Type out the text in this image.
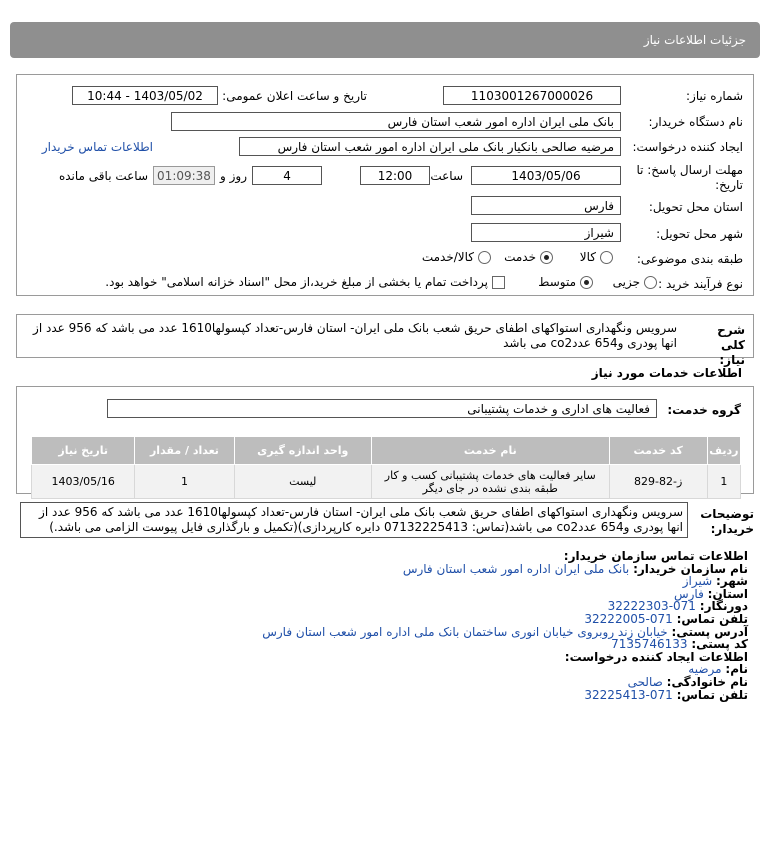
جزئیات اطلاعات نیاز
شماره نیاز:
1103001267000026
تاریخ و ساعت اعلان عمومی:
1403/05/02 - 10:44
نام دستگاه خریدار:
بانک ملی ایران اداره امور شعب استان فارس
ایجاد کننده درخواست:
مرضیه صالحی بانکیار بانک ملی ایران اداره امور شعب استان فارس
اطلاعات تماس خریدار
مهلت ارسال پاسخ: تا
تاریخ:
1403/05/06
ساعت
12:00
4
روز و
01:09:38
ساعت باقی مانده
استان محل تحویل:
فارس
شهر محل تحویل:
شیراز
طبقه بندی موضوعی:
کالا
خدمت
کالا/خدمت
نوع فرآیند خرید :
جزیی
متوسط
پرداخت تمام یا بخشی از مبلغ خرید،از محل "اسناد خزانه اسلامی" خواهد بود.
شرح کلی نیاز:
سرویس ونگهداری استواکهای اطفای حریق شعب بانک ملی ایران- استان فارس-تعداد کپسولها1610 عدد می باشد که 956 عدد از انها پودری و654 عددco2 می باشد
اطلاعات خدمات مورد نیاز
گروه خدمت:
فعالیت های اداری و خدمات پشتیبانی
ردیف	کد خدمت	نام خدمت	واحد اندازه گیری	تعداد / مقدار	تاریخ نیاز
1	ز-82-829	سایر فعالیت های خدمات پشتیبانی کسب و کار طبقه بندی نشده در جای دیگر	لیست	1	1403/05/16
توضیحات خریدار:
سرویس ونگهداری استواکهای اطفای حریق شعب بانک ملی ایران- استان فارس-تعداد کپسولها1610 عدد می باشد که 956 عدد از انها پودری و654 عددco2 می باشد(تماس: 07132225413 دایره کارپردازی)(تکمیل و بارگذاری فایل پیوست الزامی می باشد.)
اطلاعات تماس سازمان خریدار:
نام سازمان خریدار: بانک ملی ایران اداره امور شعب استان فارس
شهر: شیراز
استان: فارس
دورنگار: 071-32222303
تلفن تماس: 071-32222005
آدرس پستی: خیابان زند روبروی خیابان انوری ساختمان بانک ملی اداره امور شعب استان فارس
کد پستی: 7135746133
اطلاعات ایجاد کننده درخواست:
نام: مرضیه
نام خانوادگی: صالحی
تلفن تماس: 071-32225413
